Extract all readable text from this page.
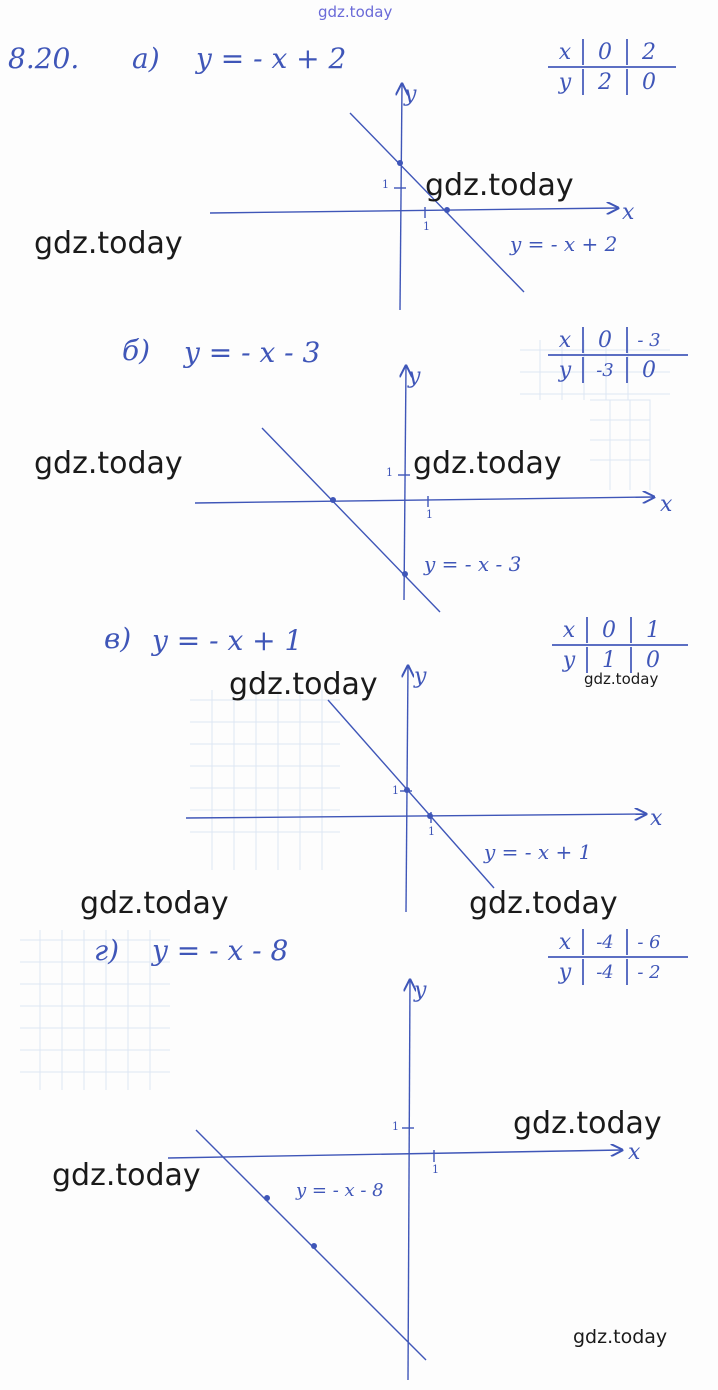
gdz.today
8.20. а) y = - x + 2	x	0	2
y	2	0
б) y = - x - 3	x	0	- 3
y	-3	0
в) y = - x + 1	x	0	1
y	1	0
г) y = - x - 8	x	-4	- 6
y	-4	- 2
x
y
1
1
y = - x + 2
x
y
1
1
y = - x - 3
x
y
1
1
y = - x + 1
x
y
1
1
y = - x - 8
gdz.today
gdz.today
gdz.today	gdz.today
gdz.today	gdz.today
gdz.today	gdz.today
gdz.today
gdz.today
gdz.today
